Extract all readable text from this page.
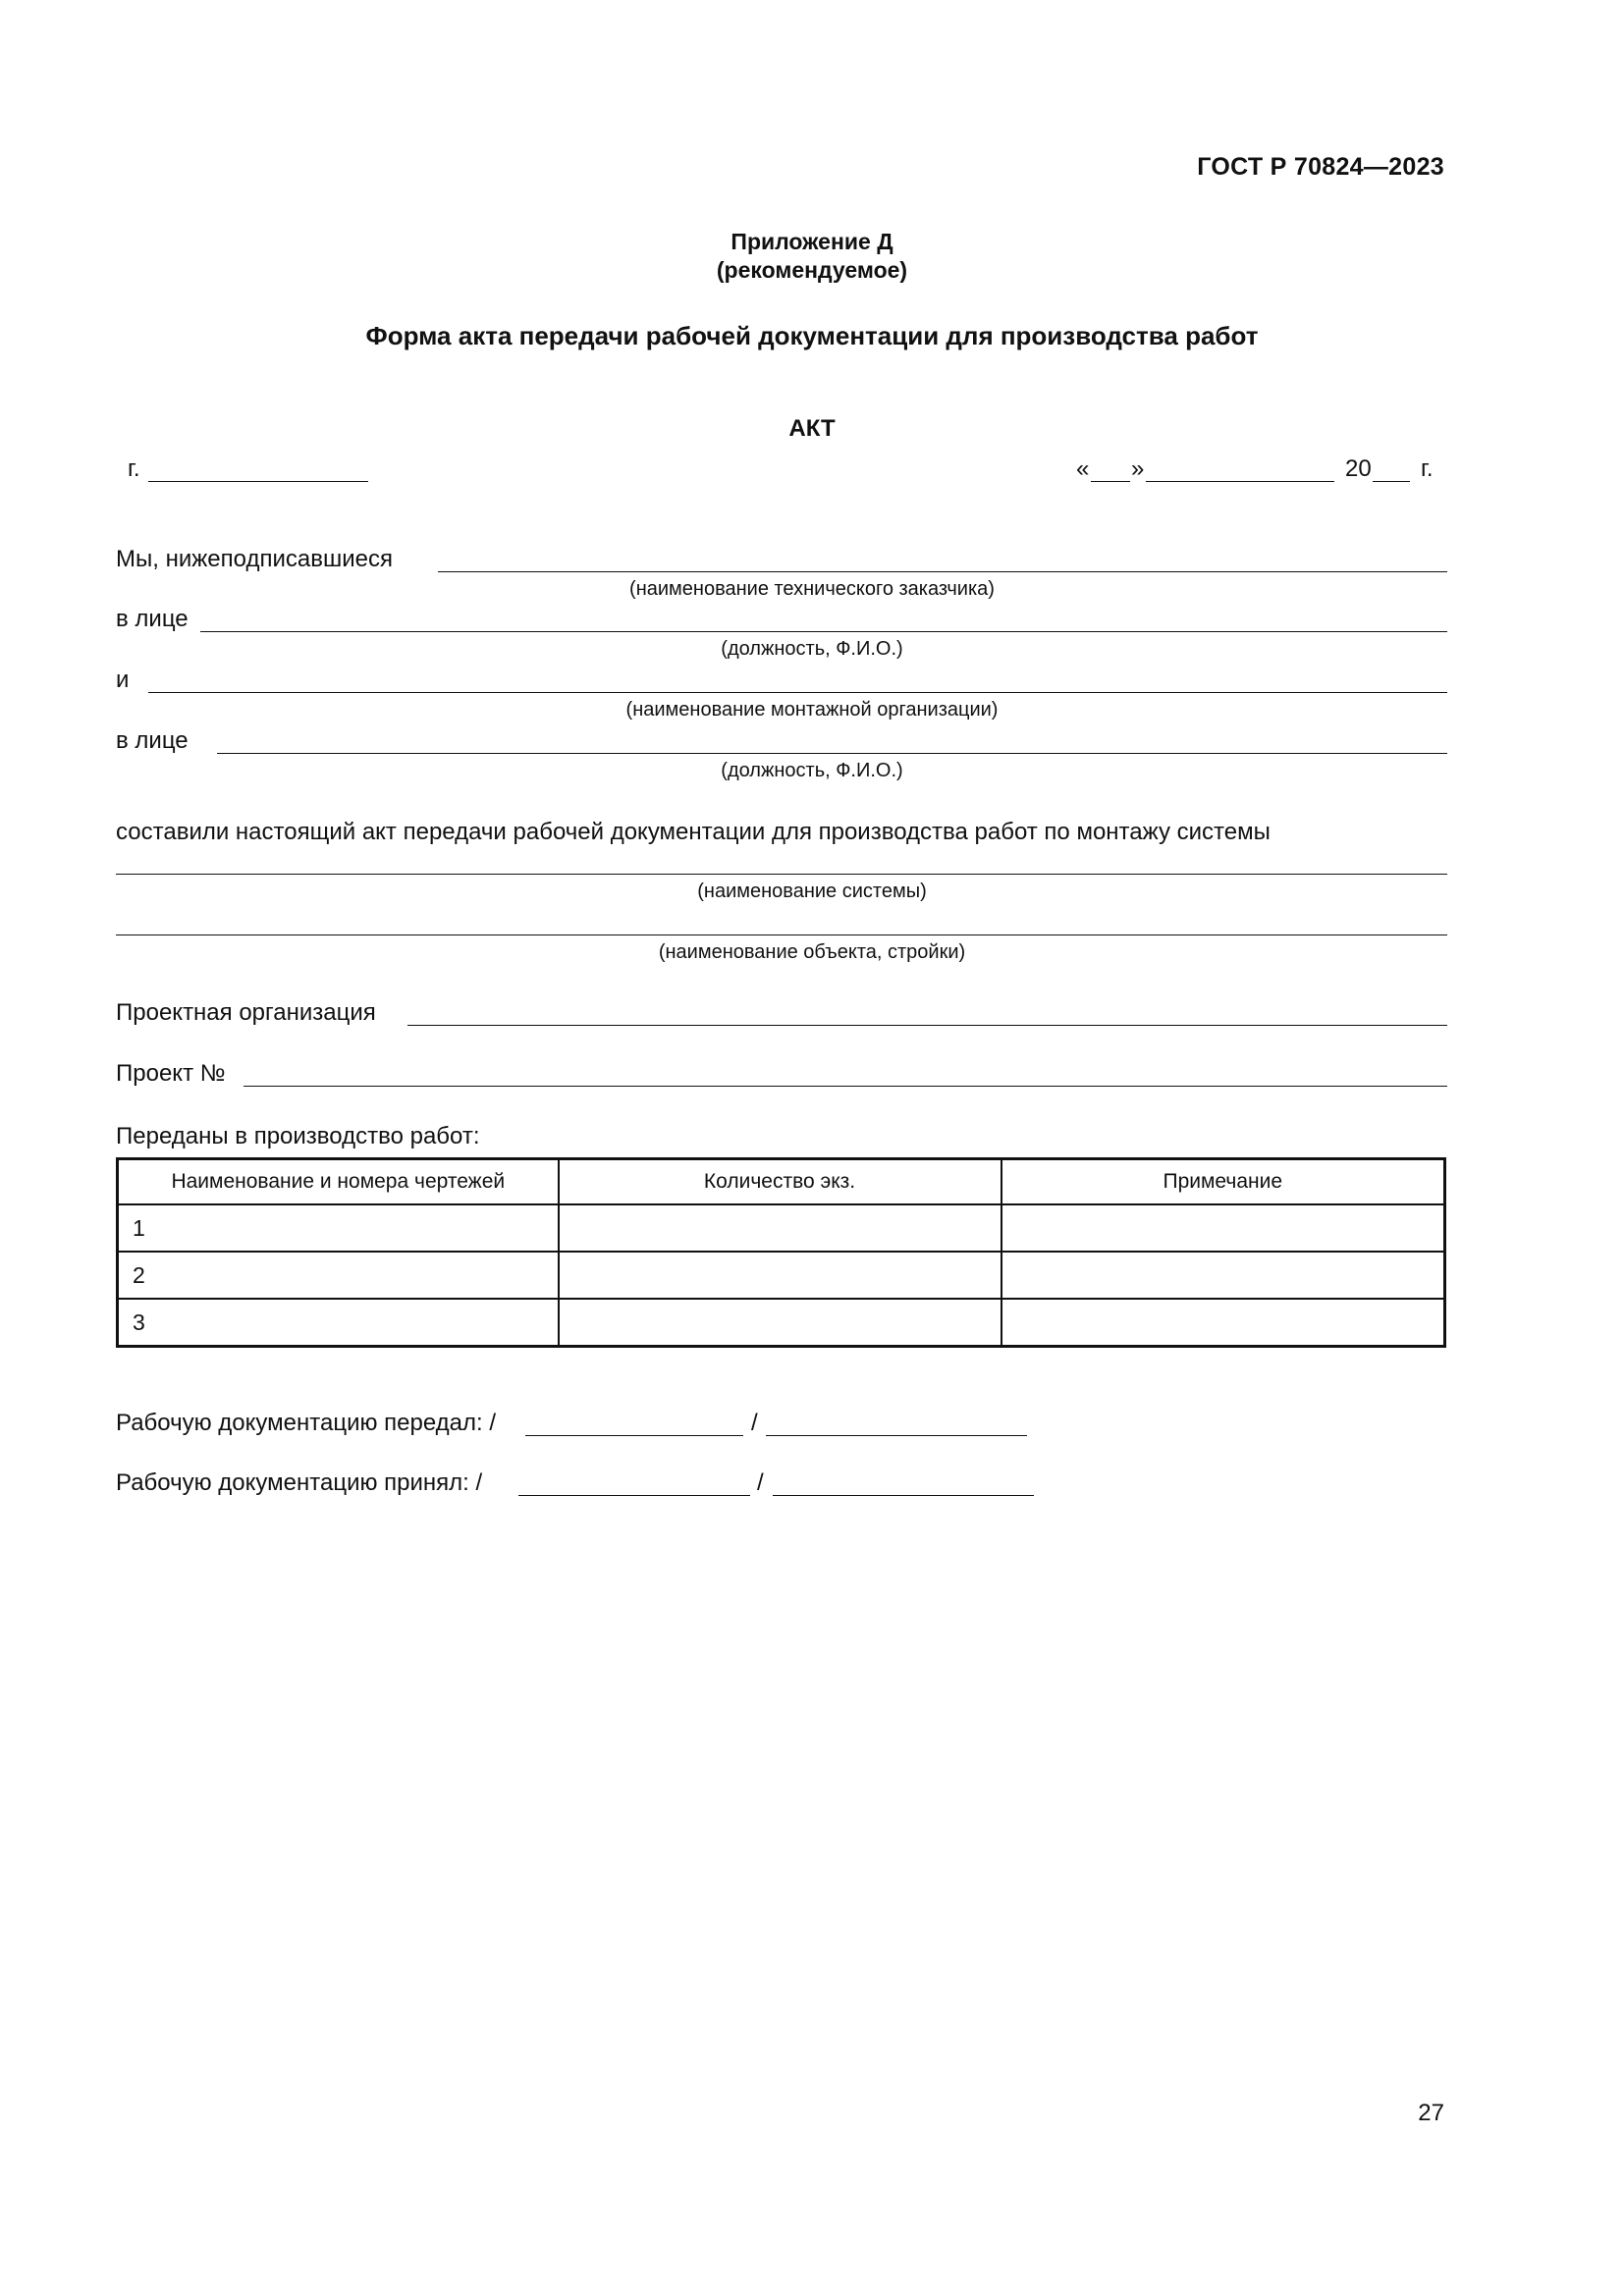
ГОСТ Р 70824—2023
Приложение Д
(рекомендуемое)
Форма акта передачи рабочей документации для производства работ
АКТ
г.	« »	20 г.
Мы, нижеподписавшиеся
(наименование технического заказчика)
в лице
(должность, Ф.И.О.)
и
(наименование монтажной организации)
в лице
(должность, Ф.И.О.)
составили настоящий акт передачи рабочей документации для производства работ по монтажу системы
(наименование системы)
(наименование объекта, стройки)
Проектная организация
Проект №
Переданы в производство работ:
Наименование и номера чертежей	Количество экз.	Примечание
1		
2		
3		
Рабочую документацию передал: /	/
Рабочую документацию принял: /	/
27
